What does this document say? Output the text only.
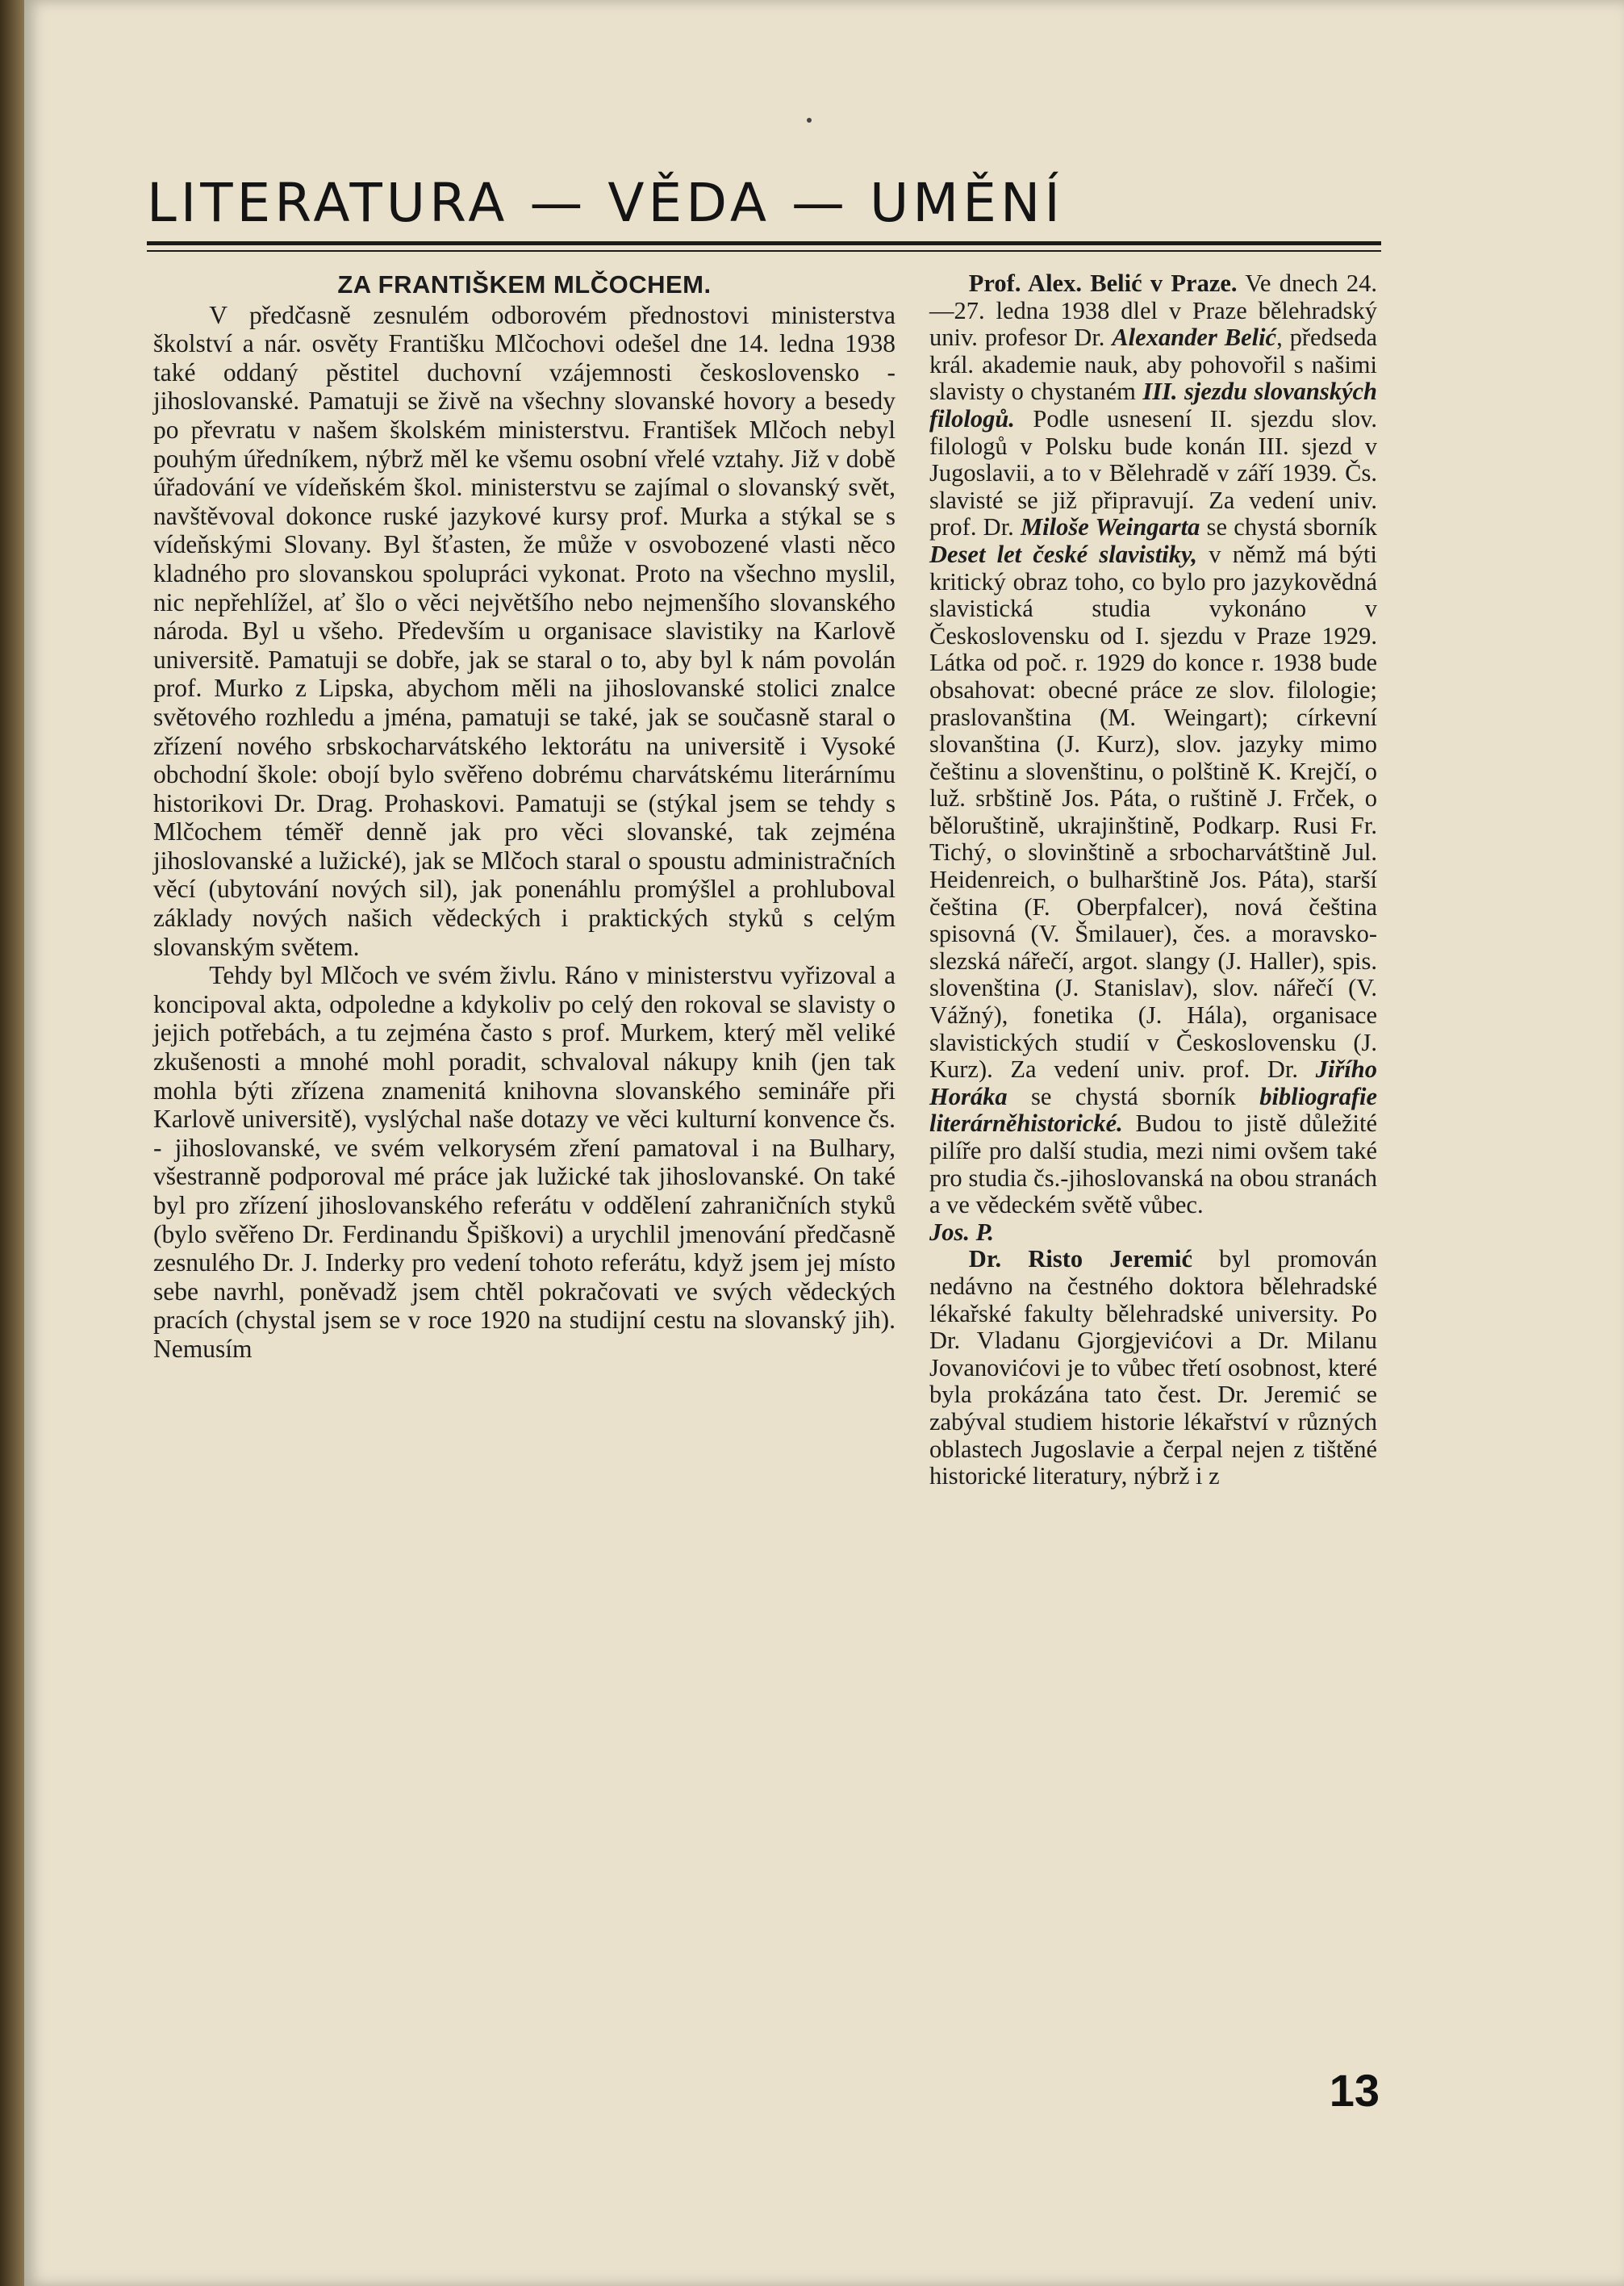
LITERATURA — VĚDA — UMĚNÍ
ZA FRANTIŠKEM MLČOCHEM.

V předčasně zesnulém odborovém přednostovi ministerstva školství a nár. osvěty Františku Mlčochovi odešel dne 14. ledna 1938 také oddaný pěstitel duchovní vzájemnosti československo - jihoslovanské. Pamatuji se živě na všechny slovanské hovory a besedy po převratu v našem školském ministerstvu. František Mlčoch nebyl pouhým úředníkem, nýbrž měl ke všemu osobní vřelé vztahy. Již v době úřadování ve vídeňském škol. ministerstvu se zajímal o slovanský svět, navštěvoval dokonce ruské jazykové kursy prof. Murka a stýkal se s vídeňskými Slovany. Byl šťasten, že může v osvobozené vlasti něco kladného pro slovanskou spolupráci vykonat. Proto na všechno myslil, nic nepřehlížel, ať šlo o věci největšího nebo nejmenšího slovanského národa. Byl u všeho. Především u organisace slavistiky na Karlově universitě. Pamatuji se dobře, jak se staral o to, aby byl k nám povolán prof. Murko z Lipska, abychom měli na jihoslovanské stolici znalce světového rozhledu a jména, pamatuji se také, jak se současně staral o zřízení nového srbskocharvátského lektorátu na universitě i Vysoké obchodní škole: obojí bylo svěřeno dobrému charvátskému literárnímu historikovi Dr. Drag. Prohaskovi. Pamatuji se (stýkal jsem se tehdy s Mlčochem téměř denně jak pro věci slovanské, tak zejména jihoslovanské a lužické), jak se Mlčoch staral o spoustu administračních věcí (ubytování nových sil), jak ponenáhlu promýšlel a prohluboval základy nových našich vědeckých i praktických styků s celým slovanským světem.

Tehdy byl Mlčoch ve svém živlu. Ráno v ministerstvu vyřizoval a koncipoval akta, odpoledne a kdykoliv po celý den rokoval se slavisty o jejich potřebách, a tu zejména často s prof. Murkem, který měl veliké zkušenosti a mnohé mohl poradit, schvaloval nákupy knih (jen tak mohla býti zřízena znamenitá knihovna slovanského semináře při Karlově universitě), vyslýchal naše dotazy ve věci kulturní konvence čs. - jihoslovanské, ve svém velkorysém zření pamatoval i na Bulhary, všestranně podporoval mé práce jak lužické tak jihoslovanské. On také byl pro zřízení jihoslovanského referátu v oddělení zahraničních styků (bylo svěřeno Dr. Ferdinandu Špiškovi) a urychlil jmenování předčasně zesnulého Dr. J. Inderky pro vedení tohoto referátu, když jsem jej místo sebe navrhl, poněvadž jsem chtěl pokračovati ve svých vědeckých pracích (chystal jsem se v roce 1920 na studijní cestu na slovanský jih). Nemusím

Prof. Alex. Belić v Praze. Ve dnech 24.—27. ledna 1938 dlel v Praze bělehradský univ. profesor Dr. Alexander Belić, předseda král. akademie nauk, aby pohovořil s našimi slavisty o chystaném III. sjezdu slovanských filologů. Podle usnesení II. sjezdu slov. filologů v Polsku bude konán III. sjezd v Jugoslavii, a to v Bělehradě v září 1939. Čs. slavisté se již připravují. Za vedení univ. prof. Dr. Miloše Weingarta se chystá sborník Deset let české slavistiky, v němž má býti kritický obraz toho, co bylo pro jazykovědná slavistická studia vykonáno v Československu od I. sjezdu v Praze 1929. Látka od poč. r. 1929 do konce r. 1938 bude obsahovat: obecné práce ze slov. filologie; praslovanština (M. Weingart); církevní slovanština (J. Kurz), slov. jazyky mimo češtinu a slovenštinu, o polštině K. Krejčí, o luž. srbštině Jos. Páta, o ruštině J. Frček, o běloruštině, ukrajinštině, Podkarp. Rusi Fr. Tichý, o slovinštině a srbocharvátštině Jul. Heidenreich, o bulharštině Jos. Páta), starší čeština (F. Oberpfalcer), nová čeština spisovná (V. Šmilauer), čes. a moravsko-slezská nářečí, argot. slangy (J. Haller), spis. slovenština (J. Stanislav), slov. nářečí (V. Vážný), fonetika (J. Hála), organisace slavistických studií v Československu (J. Kurz). Za vedení univ. prof. Dr. Jiřího Horáka se chystá sborník bibliografie literárněhistorické. Budou to jistě důležité pilíře pro další studia, mezi nimi ovšem také pro studia čs.-jihoslovanská na obou stranách a ve vědeckém světě vůbec.

Jos. P.

Dr. Risto Jeremić byl promován nedávno na čestného doktora bělehradské lékařské fakulty bělehradské university. Po Dr. Vladanu Gjorgjevićovi a Dr. Milanu Jovanovićovi je to vůbec třetí osobnost, které byla prokázána tato čest. Dr. Jeremić se zabýval studiem historie lékařství v různých oblastech Jugoslavie a čerpal nejen z tištěné historické literatury, nýbrž i z

13
